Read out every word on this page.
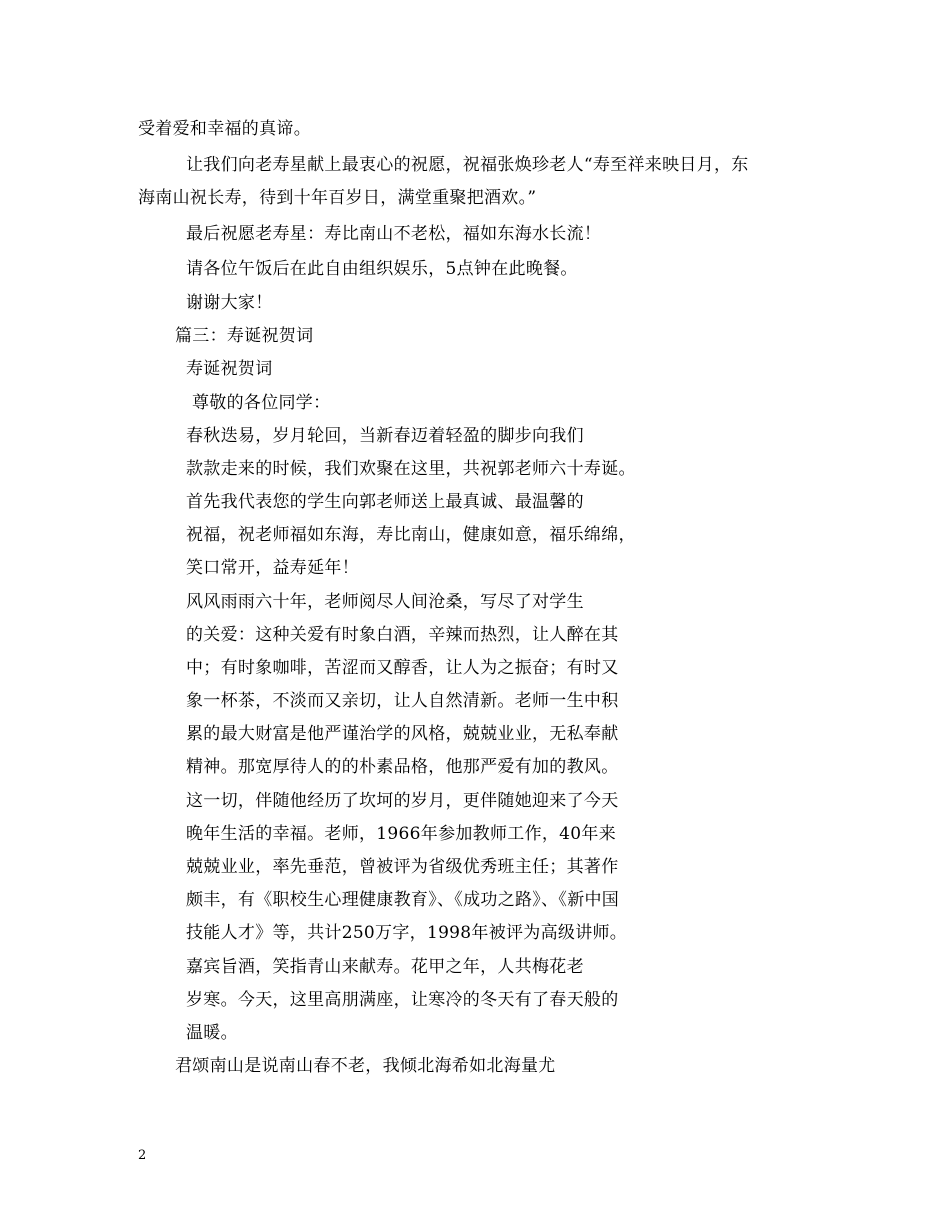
受着爱和幸福的真谛。
让我们向老寿星献上最衷心的祝愿，祝福张焕珍老人“寿至祥来映日月，东
海南山祝长寿，待到十年百岁日，满堂重聚把酒欢。”
最后祝愿老寿星：寿比南山不老松，福如东海水长流！
请各位午饭后在此自由组织娱乐，5点钟在此晚餐。
谢谢大家！
篇三：寿诞祝贺词
寿诞祝贺词
尊敬的各位同学：
春秋迭易，岁月轮回，当新春迈着轻盈的脚步向我们
款款走来的时候，我们欢聚在这里，共祝郭老师六十寿诞。
首先我代表您的学生向郭老师送上最真诚、最温馨的
祝福，祝老师福如东海，寿比南山，健康如意，福乐绵绵，
笑口常开，益寿延年！
风风雨雨六十年，老师阅尽人间沧桑，写尽了对学生
的关爱：这种关爱有时象白酒，辛辣而热烈，让人醉在其
中；有时象咖啡，苦涩而又醇香，让人为之振奋；有时又
象一杯茶，不淡而又亲切，让人自然清新。老师一生中积
累的最大财富是他严谨治学的风格，兢兢业业，无私奉献
精神。那宽厚待人的的朴素品格，他那严爱有加的教风。
这一切，伴随他经历了坎坷的岁月，更伴随她迎来了今天
晚年生活的幸福。老师，1966年参加教师工作，40年来
兢兢业业，率先垂范，曾被评为省级优秀班主任；其著作
颇丰，有《职校生心理健康教育》、《成功之路》、《新中国
技能人才》等，共计250万字，1998年被评为高级讲师。
嘉宾旨酒，笑指青山来献寿。花甲之年，人共梅花老
岁寒。今天，这里高朋满座，让寒冷的冬天有了春天般的
温暖。
君颂南山是说南山春不老，我倾北海希如北海量尤
2
